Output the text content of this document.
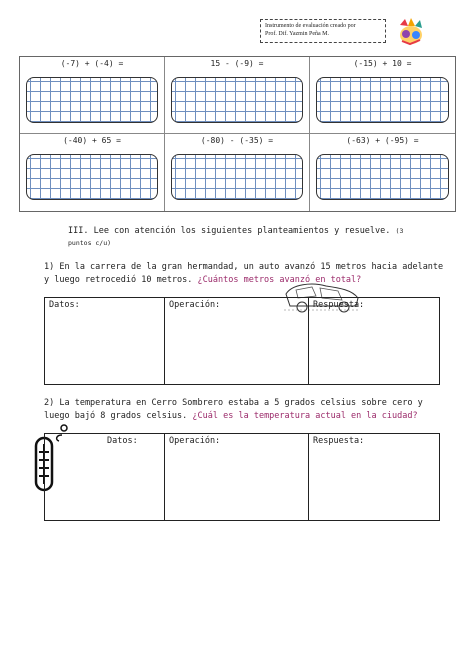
Instrumento de evaluación creado por
Prof. Dif. Yazmin Peña M.
(-7) + (-4) =	15 - (-9) =	(-15) + 10 =
(-40) + 65 =	(-80) - (-35) =	(-63) + (-95) =
III. Lee con atención los siguientes planteamientos y resuelve. (3 puntos c/u)
1) En la carrera de la gran hermandad, un auto avanzó 15 metros hacia adelante y luego retrocedió 10 metros. ¿Cuántos metros avanzó en total?
Datos:	Operación:	Respuesta:
2) La temperatura en Cerro Sombrero estaba a 5 grados celsius sobre cero y luego bajó 8 grados celsius. ¿Cuál es la temperatura actual en la ciudad?
Datos:	Operación:	Respuesta:
